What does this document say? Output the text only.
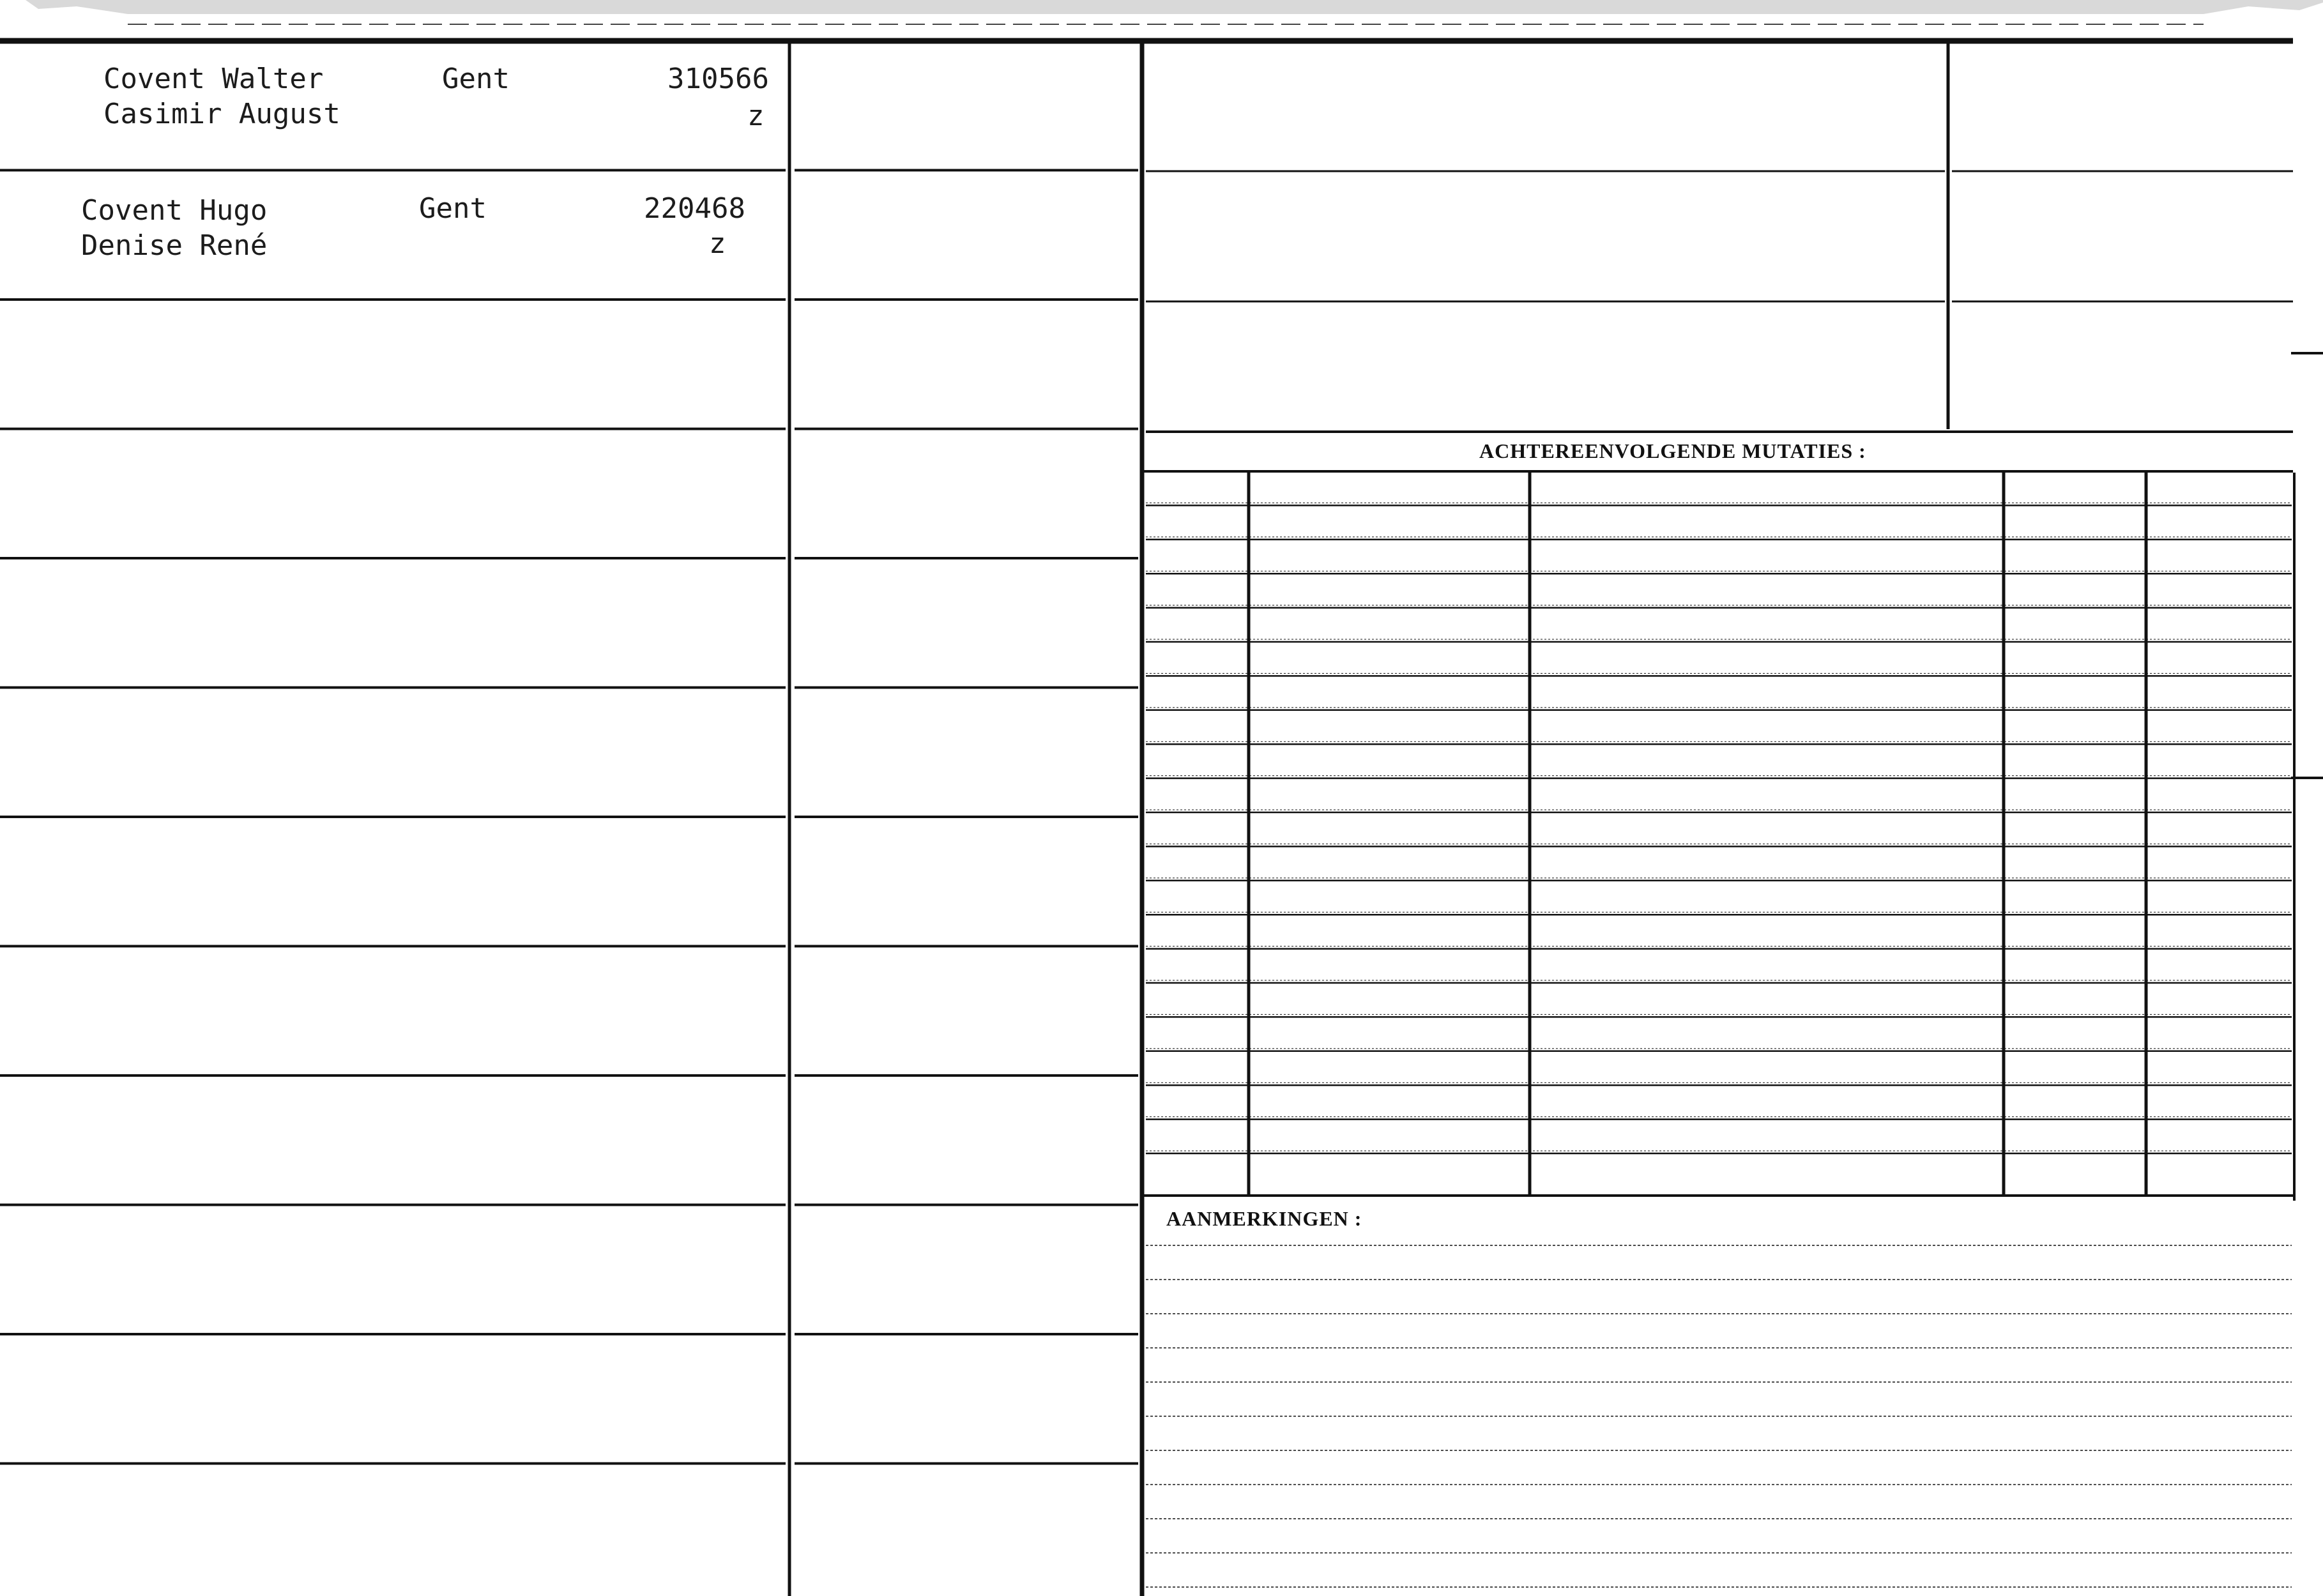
ACHTEREENVOLGENDE MUTATIES :
AANMERKINGEN :
Covent Walter
Casimir August
Gent	310566
z
Covent Hugo
Denise René
Gent	220468
z
